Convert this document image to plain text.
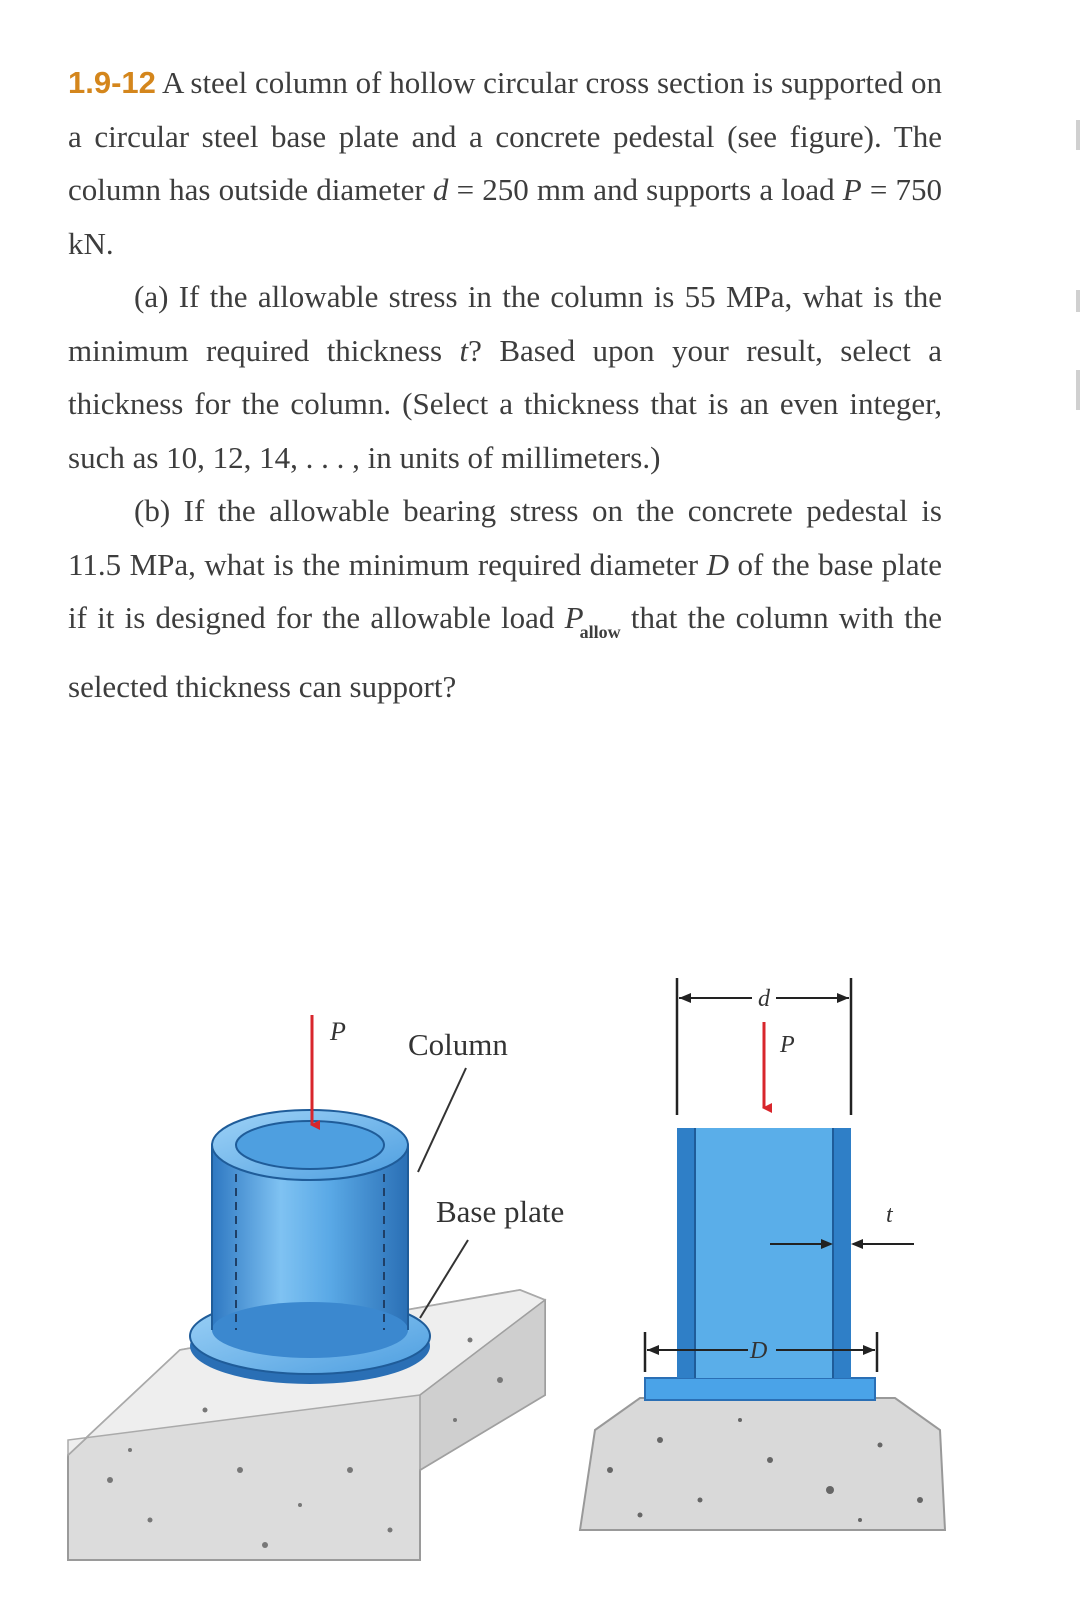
1.9-12 A steel column of hollow circular cross section is supported on a circular steel base plate and a concrete pedestal (see figure). The column has outside diameter d = 250 mm and supports a load P = 750 kN.

(a) If the allowable stress in the column is 55 MPa, what is the minimum required thickness t? Based upon your result, select a thickness for the column. (Select a thickness that is an even integer, such as 10, 12, 14, . . . , in units of millimeters.)

(b) If the allowable bearing stress on the concrete pedestal is 11.5 MPa, what is the minimum required diameter D of the base plate if it is designed for the allowable load $P_{allow}$ that the column with the selected thickness can support?

P Column
Base plate
d
P
t
D
